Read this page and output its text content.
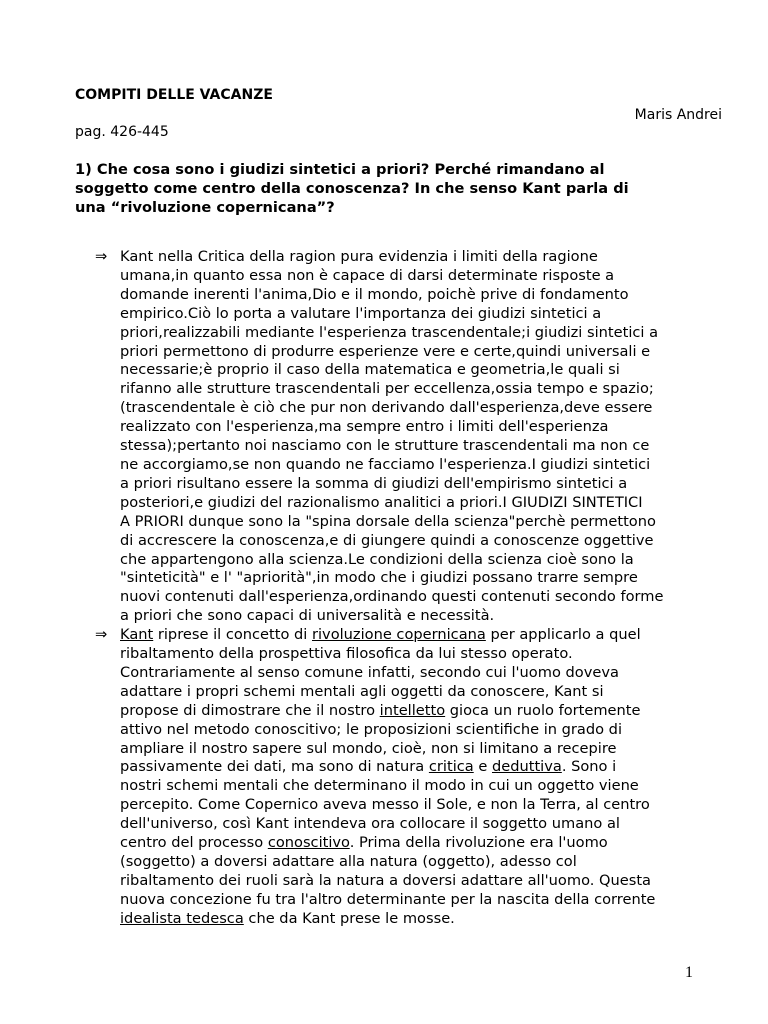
COMPITI DELLE VACANZE
Maris Andrei
pag. 426-445
1) Che cosa sono i giudizi sintetici a priori? Perché rimandano al
soggetto come centro della conoscenza? In che senso Kant parla di
una “rivoluzione copernicana”?
⇒ Kant nella Critica della ragion pura evidenzia i limiti della ragione
umana,in quanto essa non è capace di darsi determinate risposte a
domande inerenti l'anima,Dio e il mondo, poichè prive di fondamento
empirico.Ciò lo porta a valutare l'importanza dei giudizi sintetici a
priori,realizzabili mediante l'esperienza trascendentale;i giudizi sintetici a
priori permettono di produrre esperienze vere e certe,quindi universali e
necessarie;è proprio il caso della matematica e geometria,le quali si
rifanno alle strutture trascendentali per eccellenza,ossia tempo e spazio;
(trascendentale è ciò che pur non derivando dall'esperienza,deve essere
realizzato con l'esperienza,ma sempre entro i limiti dell'esperienza
stessa);pertanto noi nasciamo con le strutture trascendentali ma non ce
ne accorgiamo,se non quando ne facciamo l'esperienza.I giudizi sintetici
a priori risultano essere la somma di giudizi dell'empirismo sintetici a
posteriori,e giudizi del razionalismo analitici a priori.I GIUDIZI SINTETICI
A PRIORI dunque sono la "spina dorsale della scienza"perchè permettono
di accrescere la conoscenza,e di giungere quindi a conoscenze oggettive
che appartengono alla scienza.Le condizioni della scienza cioè sono la
"sinteticità" e l' "apriorità",in modo che i giudizi possano trarre sempre
nuovi contenuti dall'esperienza,ordinando questi contenuti secondo forme
a priori che sono capaci di universalità e necessità.
⇒ Kant riprese il concetto di rivoluzione copernicana per applicarlo a quel
ribaltamento della prospettiva filosofica da lui stesso operato.
Contrariamente al senso comune infatti, secondo cui l'uomo doveva
adattare i propri schemi mentali agli oggetti da conoscere, Kant si
propose di dimostrare che il nostro intelletto gioca un ruolo fortemente
attivo nel metodo conoscitivo; le proposizioni scientifiche in grado di
ampliare il nostro sapere sul mondo, cioè, non si limitano a recepire
passivamente dei dati, ma sono di natura critica e deduttiva. Sono i
nostri schemi mentali che determinano il modo in cui un oggetto viene
percepito. Come Copernico aveva messo il Sole, e non la Terra, al centro
dell'universo, così Kant intendeva ora collocare il soggetto umano al
centro del processo conoscitivo. Prima della rivoluzione era l'uomo
(soggetto) a doversi adattare alla natura (oggetto), adesso col
ribaltamento dei ruoli sarà la natura a doversi adattare all'uomo. Questa
nuova concezione fu tra l'altro determinante per la nascita della corrente
idealista tedesca che da Kant prese le mosse.
1
